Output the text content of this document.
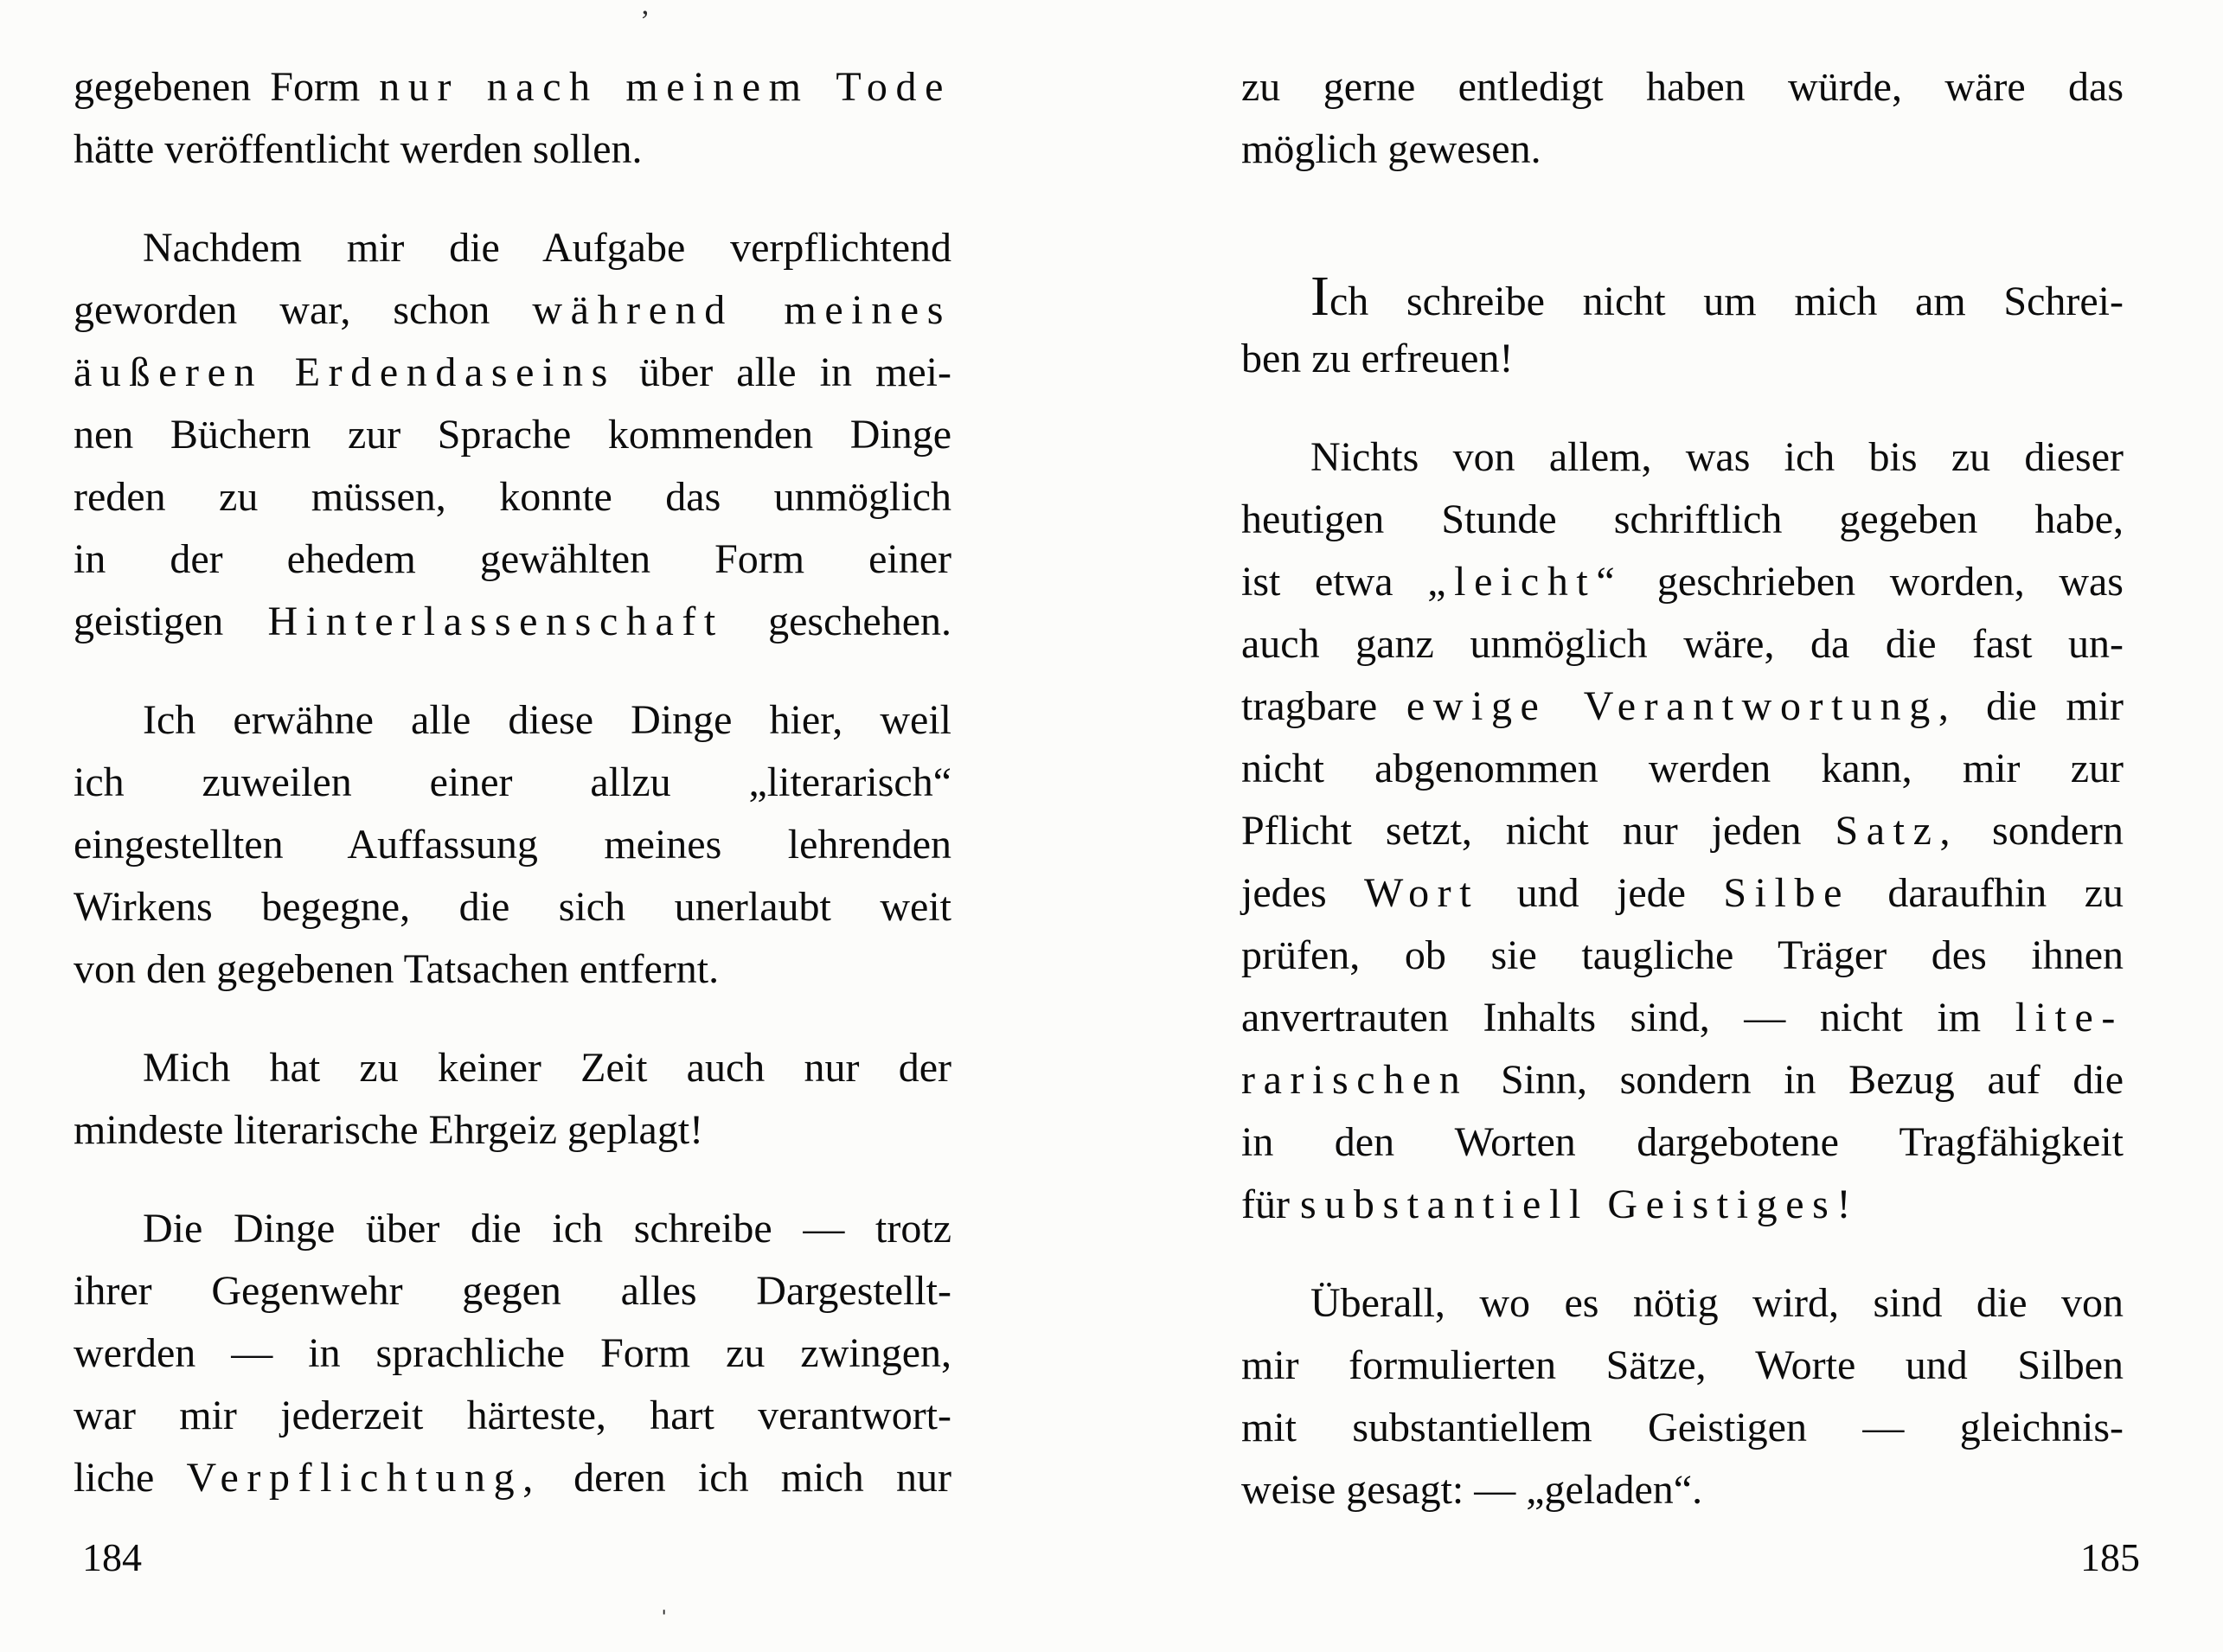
gegebenen Form nur nach meinem Tode
hätte veröffentlicht werden sollen.
Nachdem mir die Aufgabe verpflichtend
geworden war, schon während meines
äußeren Erdendaseins über alle in mei-
nen Büchern zur Sprache kommenden Dinge
reden zu müssen, konnte das unmöglich
in der ehedem gewählten Form einer
geistigen Hinterlassenschaft geschehen.
Ich erwähne alle diese Dinge hier, weil
ich zuweilen einer allzu „literarisch“
eingestellten Auffassung meines lehrenden
Wirkens begegne, die sich unerlaubt weit
von den gegebenen Tatsachen entfernt.
Mich hat zu keiner Zeit auch nur der
mindeste literarische Ehrgeiz geplagt!
Die Dinge über die ich schreibe — trotz
ihrer Gegenwehr gegen alles Dargestellt-
werden — in sprachliche Form zu zwingen,
war mir jederzeit härteste, hart verantwort-
liche Verpflichtung, deren ich mich nur
zu gerne entledigt haben würde, wäre das
möglich gewesen.
Ich schreibe nicht um mich am Schrei-
ben zu erfreuen!
Nichts von allem, was ich bis zu dieser
heutigen Stunde schriftlich gegeben habe,
ist etwa „leicht“ geschrieben worden, was
auch ganz unmöglich wäre, da die fast un-
tragbare ewige Verantwortung, die mir
nicht abgenommen werden kann, mir zur
Pflicht setzt, nicht nur jeden Satz, sondern
jedes Wort und jede Silbe daraufhin zu
prüfen, ob sie taugliche Träger des ihnen
anvertrauten Inhalts sind, — nicht im lite-
rarischen Sinn, sondern in Bezug auf die
in den Worten dargebotene Tragfähigkeit
für substantiell Geistiges!
Überall, wo es nötig wird, sind die von
mir formulierten Sätze, Worte und Silben
mit substantiellem Geistigen — gleichnis-
weise gesagt: — „geladen“.
184	185
ʼ
ˌ
